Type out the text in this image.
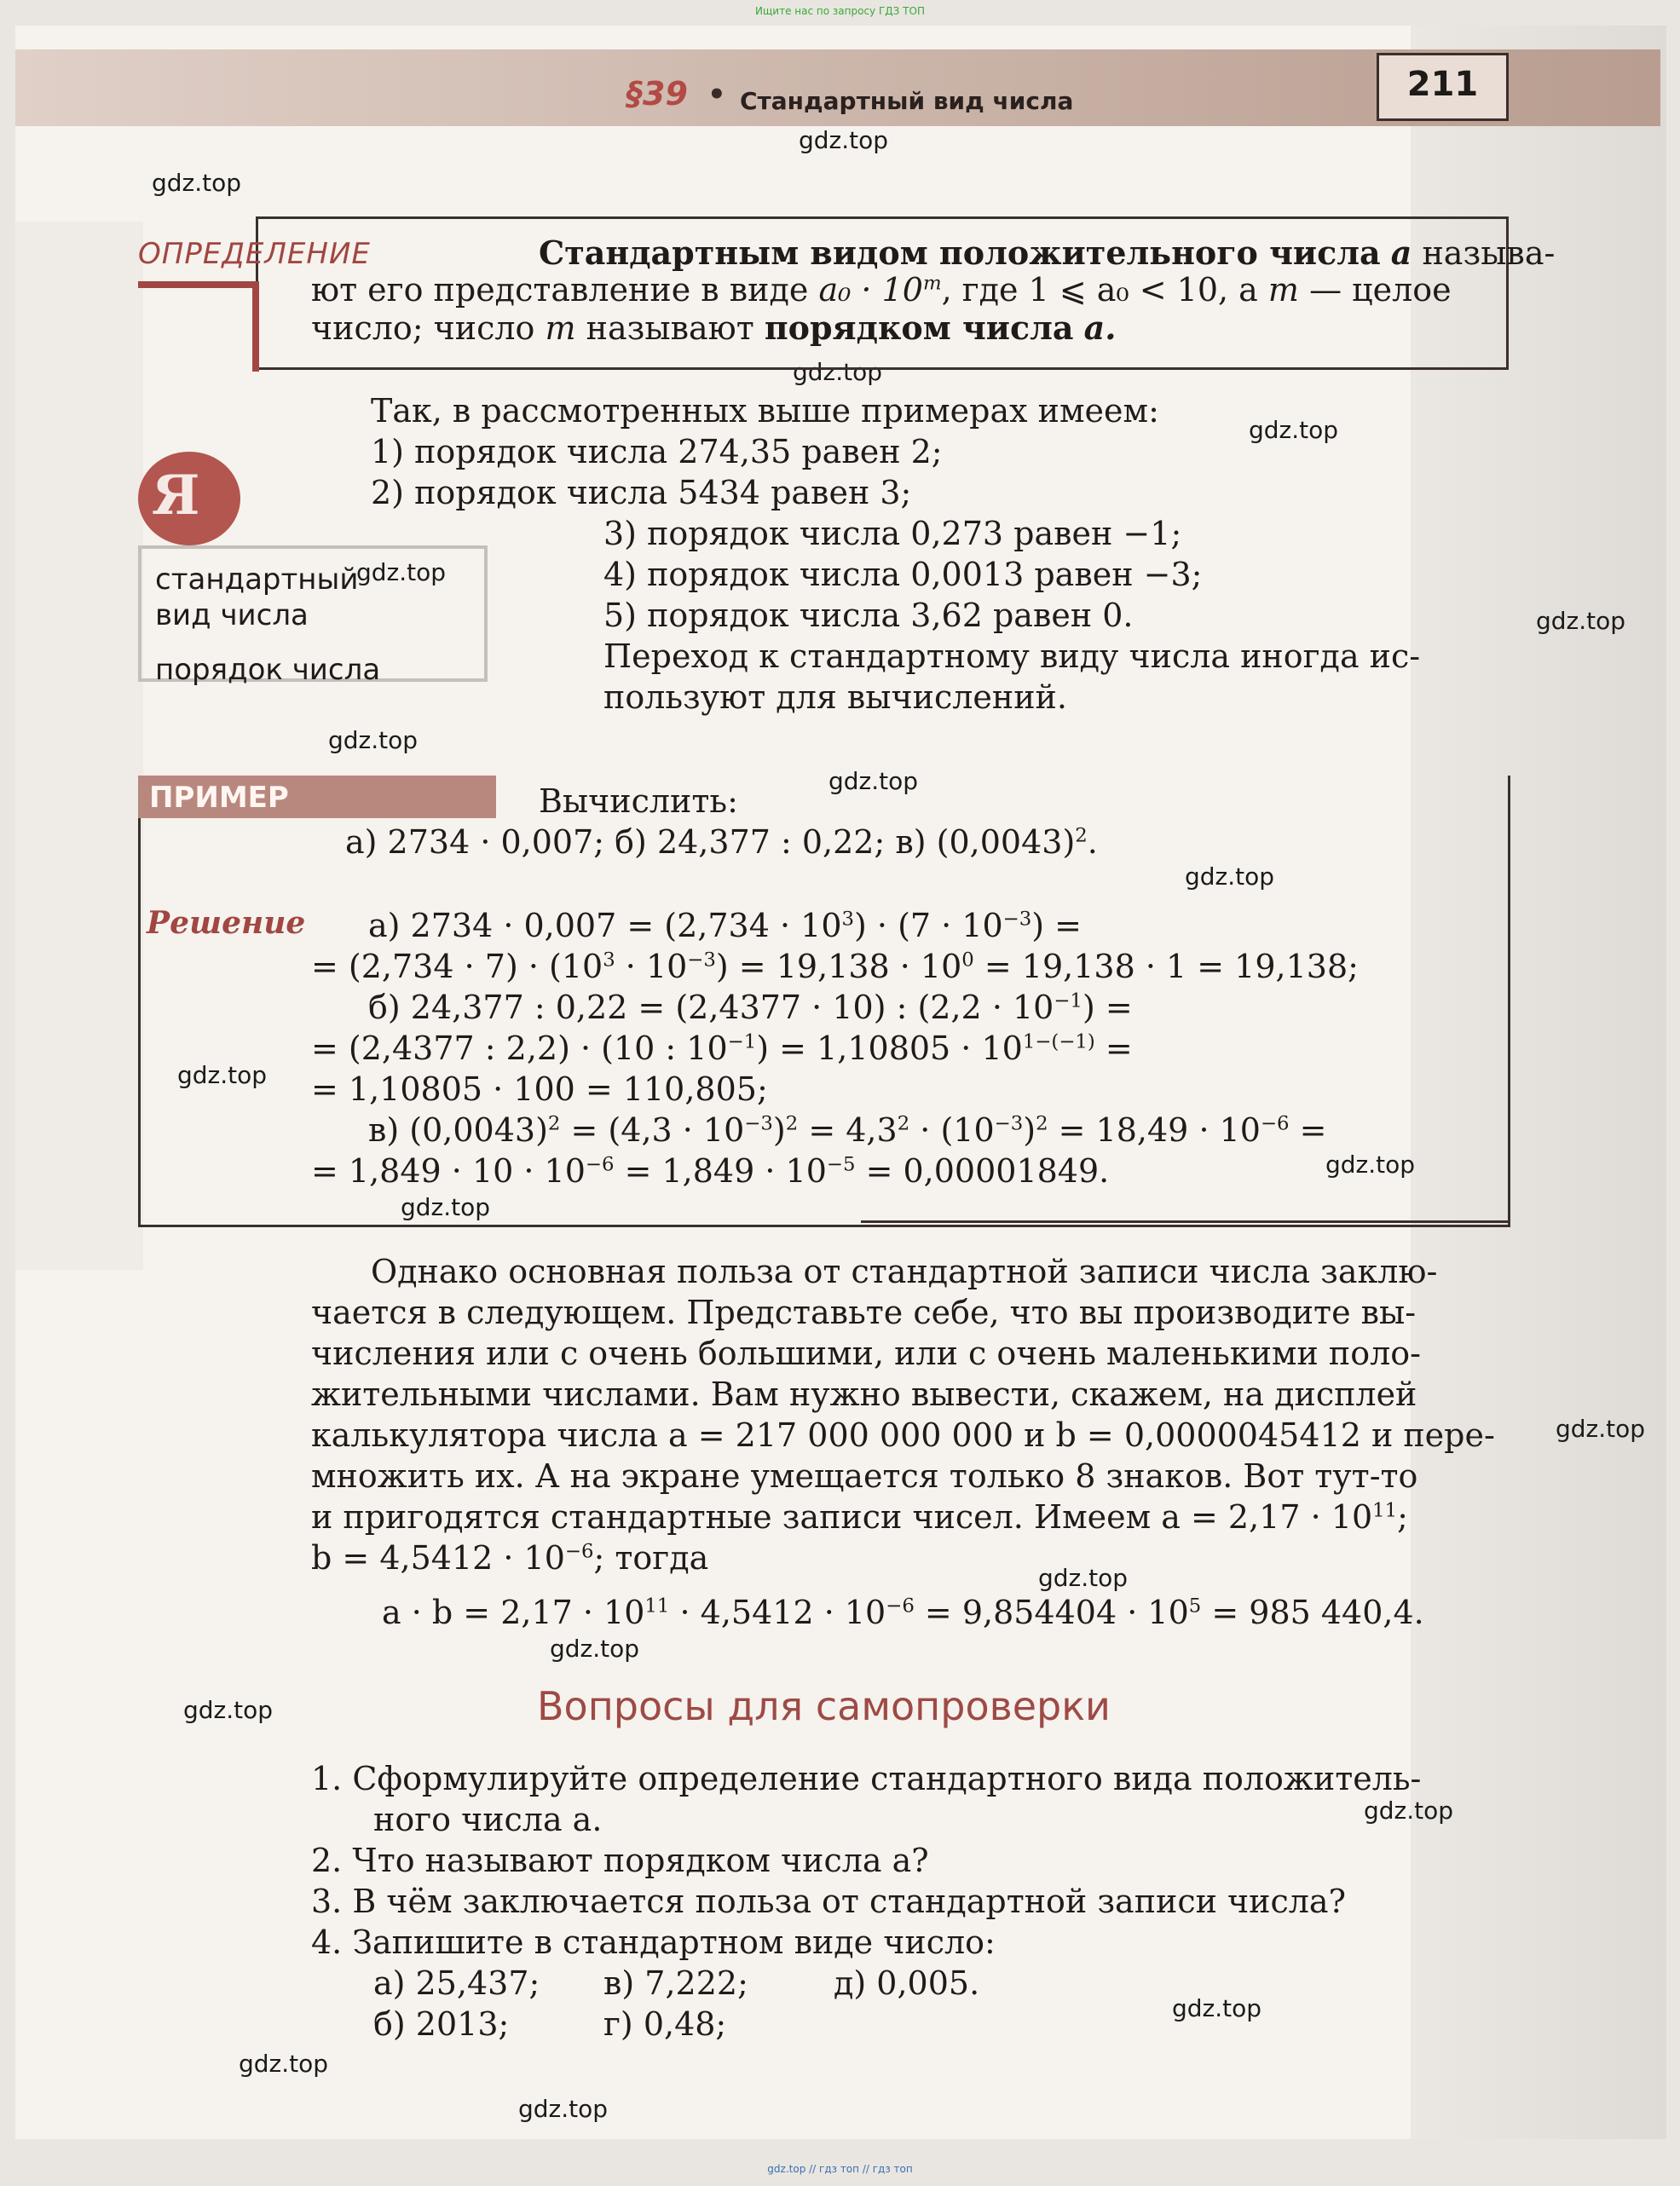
Ищите нас по запросу ГДЗ ТОП
§39 • Стандартный вид числа	211
gdz.top
gdz.top
gdz.top
gdz.top
gdz.top
gdz.top
gdz.top
gdz.top
gdz.top
gdz.top
gdz.top
gdz.top
gdz.top
gdz.top
gdz.top
gdz.top
gdz.top
gdz.top
gdz.top
gdz.top
ОПРЕДЕЛЕНИЕ	Стандартным видом положительного числа a называ-
ют его представление в виде $a_0 \cdot 10^m$, где 1 ⩽ a₀ < 10, а m — целое
число; число m называют порядком числа a.
Я
стандартный
вид числа
порядок числа
Так, в рассмотренных выше примерах имеем:
1) порядок числа 274,35 равен 2;
2) порядок числа 5434 равен 3;
3) порядок числа 0,273 равен −1;
4) порядок числа 0,0013 равен −3;
5) порядок числа 3,62 равен 0.
Переход к стандартному виду числа иногда ис-
пользуют для вычислений.
ПРИМЕР	Вычислить:
а) 2734 · 0,007; б) 24,377 : 0,22; в) $(0,0043)^2$.
Решение а) $2734 \cdot 0,007 = (2,734 \cdot 10^3) \cdot (7 \cdot 10^{-3})$ =
= $(2,734 \cdot 7) \cdot (10^3 \cdot 10^{-3}) = 19,138 \cdot 10^0 = 19,138 \cdot 1 = 19,138$;
б) 24,377 : 0,22 = (2,4377 · 10) : $(2,2 \cdot 10^{-1})$ =
= (2,4377 : 2,2) · (10 : $10^{-1}) = 1,10805 \cdot 10^{1-(-1)}$ =
= 1,10805 · 100 = 110,805;
в) $(0,0043)^2 = (4,3 \cdot 10^{-3})^2 = 4,3^2 \cdot (10^{-3})^2 = 18,49 \cdot 10^{-6}$ =
= $1,849 \cdot 10 \cdot 10^{-6} = 1,849 \cdot 10^{-5} = 0,00001849$.
Однако основная польза от стандартной записи числа заклю-
чается в следующем. Представьте себе, что вы производите вы-
числения или с очень большими, или с очень маленькими поло-
жительными числами. Вам нужно вывести, скажем, на дисплей
калькулятора числа a = 217 000 000 000 и b = 0,0000045412 и пере-
множить их. А на экране умещается только 8 знаков. Вот тут-то
и пригодятся стандартные записи чисел. Имеем $a = 2,17 \cdot 10^{11}$;
$b = 4,5412 \cdot 10^{-6}$; тогда
$a \cdot b = 2,17 \cdot 10^{11} \cdot 4,5412 \cdot 10^{-6} = 9,854404 \cdot 10^5 = 985$ 440,4.
Вопросы для самопроверки
1. Сформулируйте определение стандартного вида положитель-
ного числа a.
2. Что называют порядком числа a?
3. В чём заключается польза от стандартной записи числа?
4. Запишите в стандартном виде число:
а) 25,437; в) 7,222;	д) 0,005.
б) 2013;	г) 0,48;
gdz.top // гдз топ // гдз топ
